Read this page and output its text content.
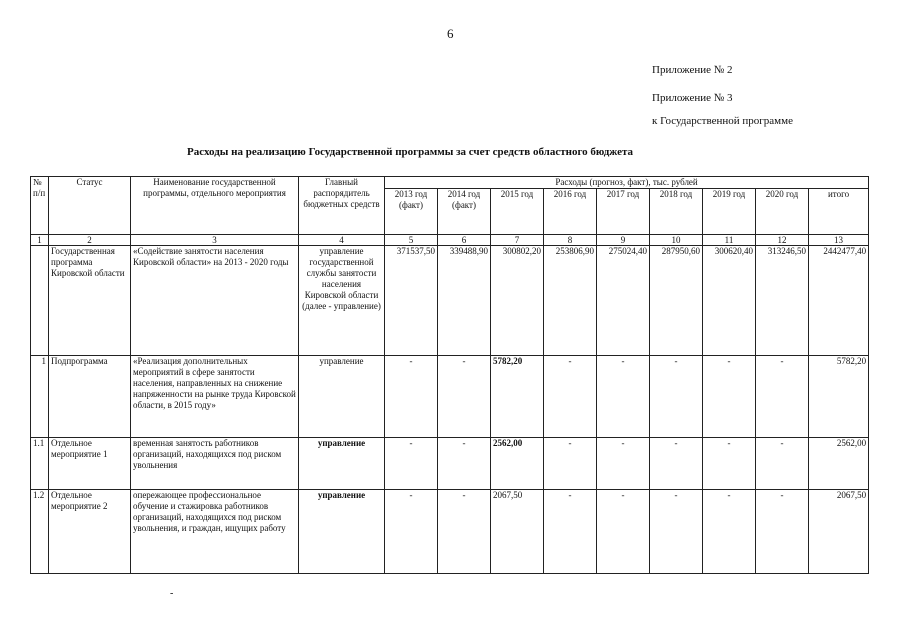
6
Приложение № 2
Приложение № 3
к Государственной программе
Расходы на реализацию Государственной программы за счет средств областного бюджета
№ п/п	Статус	Наименование государственной программы, отдельного мероприятия	Главный распорядитель бюджетных средств	Расходы (прогноз, факт), тыс. рублей								
				2013 год (факт)	2014 год (факт)	2015 год	2016 год	2017 год	2018 год	2019 год	2020 год	итого
1	2	3	4	5	6	7	8	9	10	11	12	13
	Государственная программа Кировской области	«Содействие занятости населения Кировской области» на 2013 - 2020 годы	управление государственной службы занятости населения Кировской области (далее - управление)	371537,50	339488,90	300802,20	253806,90	275024,40	287950,60	300620,40	313246,50	2442477,40
1	Подпрограмма	«Реализация дополнительных мероприятий в сфере занятости населения, направленных на снижение напряженности на рынке труда Кировской области, в 2015 году»	управление	-	-	5782,20	-	-	-	-	-	5782,20
1.1	Отдельное мероприятие 1	временная занятость работников организаций, находящихся под риском увольнения	управление	-	-	2562,00	-	-	-	-	-	2562,00
1.2	Отдельное мероприятие 2	опережающее профессиональное обучение и стажировка работников организаций, находящихся под риском увольнения, и граждан, ищущих работу	управление	-	-	2067,50	-	-	-	-	-	2067,50
-
